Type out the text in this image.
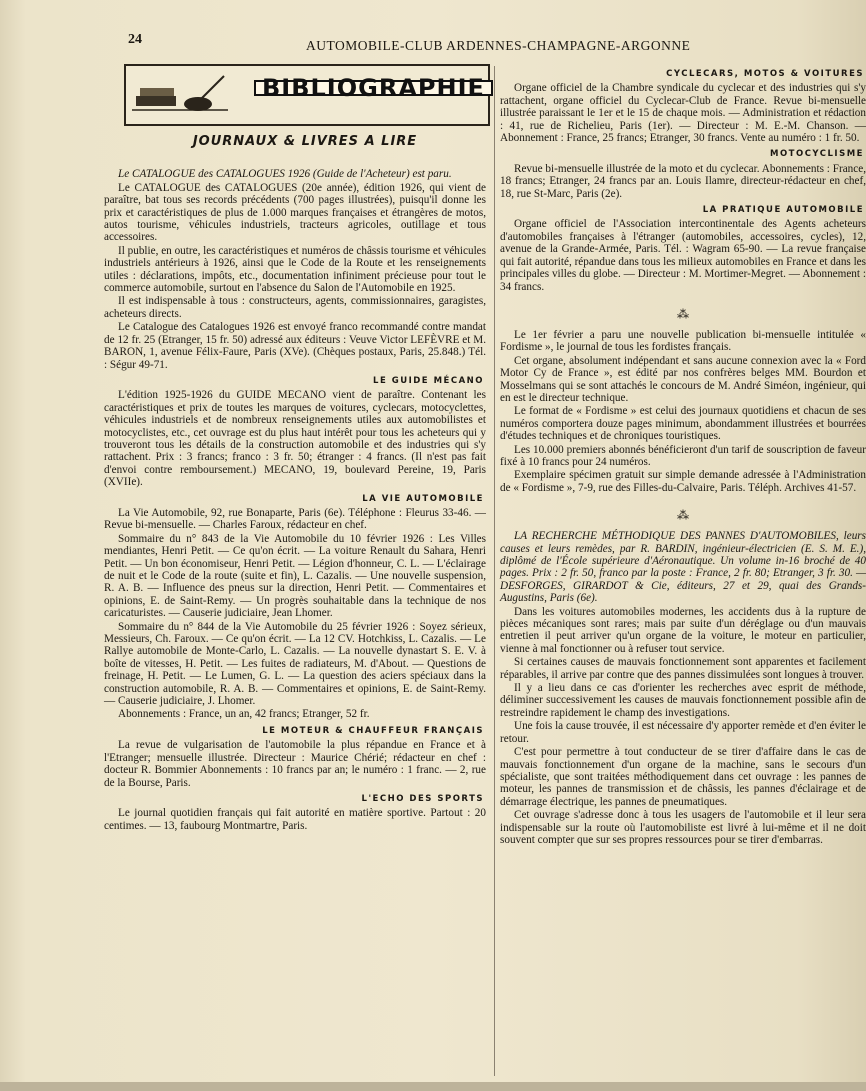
24	AUTOMOBILE-CLUB ARDENNES-CHAMPAGNE-ARGONNE
BIBLIOGRAPHIE
JOURNAUX & LIVRES A LIRE

Le CATALOGUE des CATALOGUES 1926 (Guide de l'Acheteur) est paru.

Le CATALOGUE des CATALOGUES (20e année), édition 1926, qui vient de paraître, bat tous ses records précédents (700 pages illustrées), puisqu'il donne les prix et caractéristiques de plus de 1.000 marques françaises et étrangères de motos, autos tourisme, véhicules industriels, tracteurs agricoles, outillage et tous accessoires.

Il publie, en outre, les caractéristiques et numéros de châssis tourisme et véhicules industriels antérieurs à 1926, ainsi que le Code de la Route et les renseignements utiles : déclarations, impôts, etc., documentation infiniment précieuse pour tout le commerce automobile, surtout en l'absence du Salon de l'Automobile en 1925.

Il est indispensable à tous : constructeurs, agents, commissionnaires, garagistes, acheteurs directs.

Le Catalogue des Catalogues 1926 est envoyé franco recommandé contre mandat de 12 fr. 25 (Etranger, 15 fr. 50) adressé aux éditeurs : Veuve Victor LEFÈVRE et M. BARON, 1, avenue Félix-Faure, Paris (XVe). (Chèques postaux, Paris, 25.848.) Tél. : Ségur 49-71.

LE GUIDE MÉCANO

L'édition 1925-1926 du GUIDE MECANO vient de paraître. Contenant les caractéristiques et prix de toutes les marques de voitures, cyclecars, motocyclettes, véhicules industriels et de nombreux renseignements utiles aux automobilistes et motocyclistes, etc., cet ouvrage est du plus haut intérêt pour tous les acheteurs qui y trouveront tous les détails de la construction automobile et des industries qui s'y rattachent. Prix : 3 francs; franco : 3 fr. 50; étranger : 4 francs. (Il n'est pas fait d'envoi contre remboursement.) MECANO, 19, boulevard Pereine, 19, Paris (XVIIe).

LA VIE AUTOMOBILE

La Vie Automobile, 92, rue Bonaparte, Paris (6e). Téléphone : Fleurus 33-46. — Revue bi-mensuelle. — Charles Faroux, rédacteur en chef.

Sommaire du n° 843 de la Vie Automobile du 10 février 1926 : Les Villes mendiantes, Henri Petit. — Ce qu'on écrit. — La voiture Renault du Sahara, Henri Petit. — Un bon économiseur, Henri Petit. — Légion d'honneur, C. L. — L'éclairage de nuit et le Code de la route (suite et fin), L. Cazalis. — Une nouvelle suspension, R. A. B. — Influence des pneus sur la direction, Henri Petit. — Commentaires et opinions, E. de Saint-Remy. — Un progrès souhaitable dans la technique de nos caricaturistes. — Causerie judiciaire, Jean Lhomer.

Sommaire du n° 844 de la Vie Automobile du 25 février 1926 : Soyez sérieux, Messieurs, Ch. Faroux. — Ce qu'on écrit. — La 12 CV. Hotchkiss, L. Cazalis. — Le Rallye automobile de Monte-Carlo, L. Cazalis. — La nouvelle dynastart S. E. V. à boîte de vitesses, H. Petit. — Les fuites de radiateurs, M. d'About. — Questions de freinage, H. Petit. — Le Lumen, G. L. — La question des aciers spéciaux dans la construction automobile, R. A. B. — Commentaires et opinions, E. de Saint-Remy. — Causerie judiciaire, J. Lhomer.

Abonnements : France, un an, 42 francs; Etranger, 52 fr.

LE MOTEUR & CHAUFFEUR FRANÇAIS

La revue de vulgarisation de l'automobile la plus répandue en France et à l'Etranger; mensuelle illustrée. Directeur : Maurice Chérié; rédacteur en chef : docteur R. Bommier Abonnements : 10 francs par an; le numéro : 1 franc. — 2, rue de la Bourse, Paris.

L'ECHO DES SPORTS

Le journal quotidien français qui fait autorité en matière sportive. Partout : 20 centimes. — 13, faubourg Montmartre, Paris.

CYCLECARS, MOTOS & VOITURES

Organe officiel de la Chambre syndicale du cyclecar et des industries qui s'y rattachent, organe officiel du Cyclecar-Club de France. Revue bi-mensuelle illustrée paraissant le 1er et le 15 de chaque mois. — Administration et rédaction : 41, rue de Richelieu, Paris (1er). — Directeur : M. E.-M. Chanson. — Abonnement : France, 25 francs; Etranger, 30 francs. Vente au numéro : 1 fr. 50.

MOTOCYCLISME

Revue bi-mensuelle illustrée de la moto et du cyclecar. Abonnements : France, 18 francs; Etranger, 24 francs par an. Louis Ilamre, directeur-rédacteur en chef, 18, rue St-Marc, Paris (2e).

LA PRATIQUE AUTOMOBILE

Organe officiel de l'Association intercontinentale des Agents acheteurs d'automobiles françaises à l'étranger (automobiles, accessoires, cycles), 12, avenue de la Grande-Armée, Paris. Tél. : Wagram 65-90. — La revue française qui fait autorité, répandue dans tous les milieux automobiles en France et dans les principales villes du globe. — Directeur : M. Mortimer-Megret. — Abonnement : 34 francs.

⁂

Le 1er février a paru une nouvelle publication bi-mensuelle intitulée « Fordisme », le journal de tous les fordistes français.

Cet organe, absolument indépendant et sans aucune connexion avec la « Ford Motor Cy de France », est édité par nos confrères belges MM. Bourdon et Mosselmans qui se sont attachés le concours de M. André Siméon, ingénieur, qui en est le directeur technique.

Le format de « Fordisme » est celui des journaux quotidiens et chacun de ses numéros comportera douze pages minimum, abondamment illustrées et bourrées d'études techniques et de chroniques touristiques.

Les 10.000 premiers abonnés bénéficieront d'un tarif de souscription de faveur fixé à 10 francs pour 24 numéros.

Exemplaire spécimen gratuit sur simple demande adressée à l'Administration de « Fordisme », 7-9, rue des Filles-du-Calvaire, Paris. Téléph. Archives 41-57.

⁂

LA RECHERCHE MÉTHODIQUE DES PANNES D'AUTOMOBILES, leurs causes et leurs remèdes, par R. BARDIN, ingénieur-électricien (E. S. M. E.), diplômé de l'École supérieure d'Aéronautique. Un volume in-16 broché de 40 pages. Prix : 2 fr. 50, franco par la poste : France, 2 fr. 80; Etranger, 3 fr. 30. — DESFORGES, GIRARDOT & Cie, éditeurs, 27 et 29, quai des Grands-Augustins, Paris (6e).

Dans les voitures automobiles modernes, les accidents dus à la rupture de pièces mécaniques sont rares; mais par suite d'un déréglage ou d'un mauvais entretien il peut arriver qu'un organe de la voiture, le moteur en particulier, vienne à mal fonctionner ou à refuser tout service.

Si certaines causes de mauvais fonctionnement sont apparentes et facilement réparables, il arrive par contre que des pannes dissimulées sont longues à trouver.

Il y a lieu dans ce cas d'orienter les recherches avec esprit de méthode, déliminer successivement les causes de mauvais fonctionnement possible afin de restreindre rapidement le champ des investigations.

Une fois la cause trouvée, il est nécessaire d'y apporter remède et d'en éviter le retour.

C'est pour permettre à tout conducteur de se tirer d'affaire dans le cas de mauvais fonctionnement d'un organe de la machine, sans le secours d'un spécialiste, que sont traitées méthodiquement dans cet ouvrage : les pannes de moteur, les pannes de transmission et de châssis, les pannes d'éclairage et de démarrage électrique, les pannes de pneumatiques.

Cet ouvrage s'adresse donc à tous les usagers de l'automobile et il leur sera indispensable sur la route où l'automobiliste est livré à lui-même et il ne doit souvent compter que sur ses propres ressources pour se tirer d'embarras.
